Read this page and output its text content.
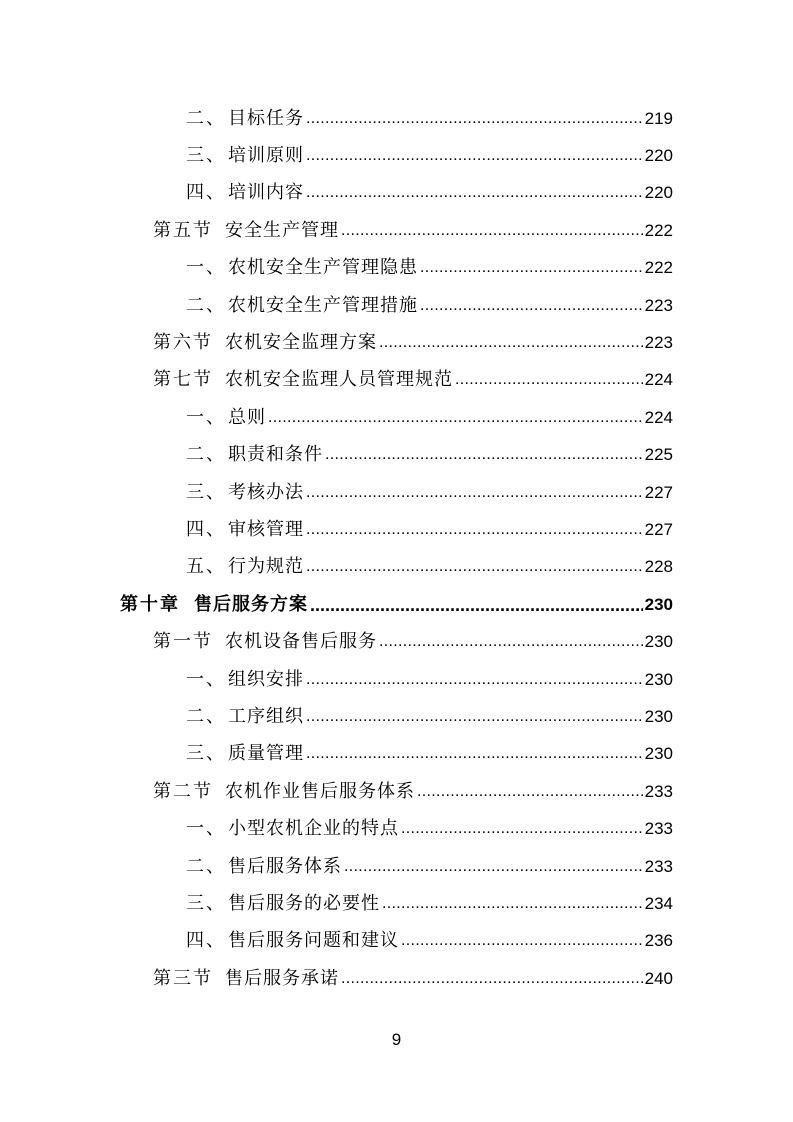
二、 目标任务 .....	219
三、 培训原则 .....	220
四、 培训内容 .....	220
第五节 安全生产管理 .....	222
一、 农机安全生产管理隐患 .....	222
二、 农机安全生产管理措施 .....	223
第六节 农机安全监理方案 .....	223
第七节 农机安全监理人员管理规范 .....	224
一、 总则 .....	224
二、 职责和条件 .....	225
三、 考核办法 .....	227
四、 审核管理 .....	227
五、 行为规范 .....	228
第十章 售后服务方案 .....	230
第一节 农机设备售后服务 .....	230
一、 组织安排 .....	230
二、 工序组织 .....	230
三、 质量管理 .....	230
第二节 农机作业售后服务体系 .....	233
一、 小型农机企业的特点 .....	233
二、 售后服务体系 .....	233
三、 售后服务的必要性 .....	234
四、 售后服务问题和建议 .....	236
第三节 售后服务承诺 .....	240
9
